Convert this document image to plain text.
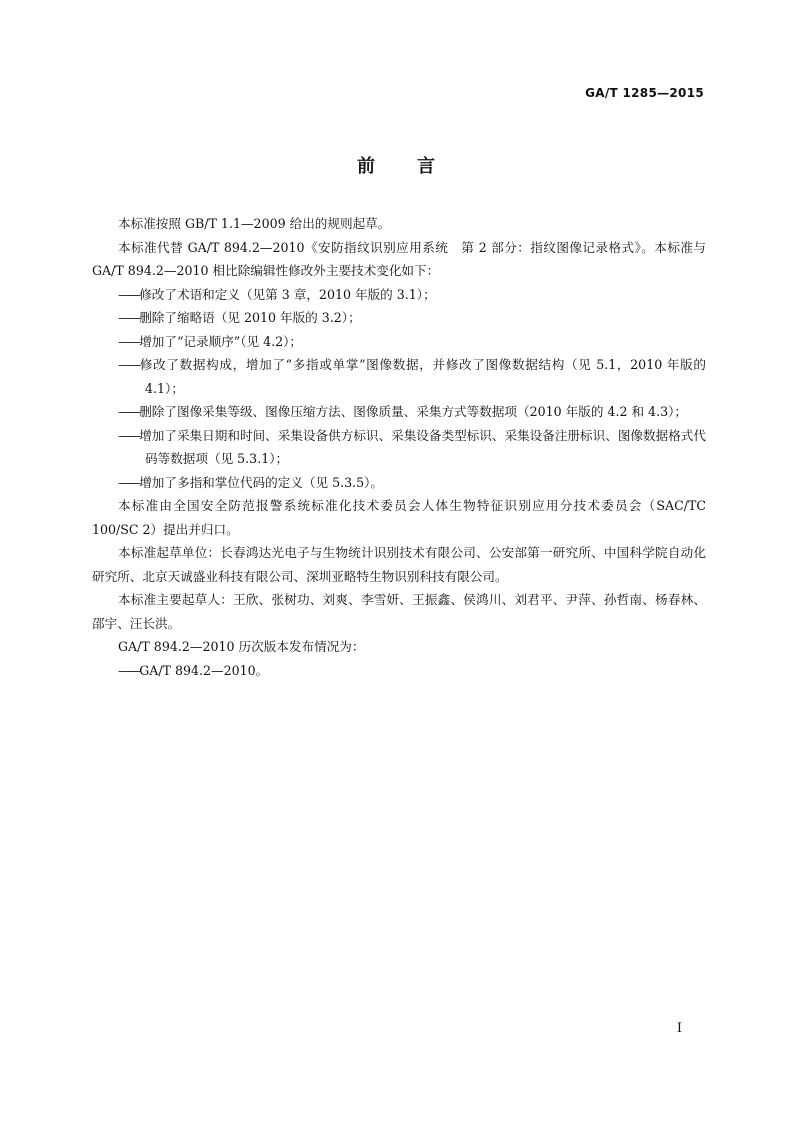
GA/T 1285—2015
前 言

本标准按照 GB/T 1.1—2009 给出的规则起草。

本标准代替 GA/T 894.2—2010《安防指纹识别应用系统　第 2 部分：指纹图像记录格式》。本标准与 GA/T 894.2—2010 相比除编辑性修改外主要技术变化如下：

——修改了术语和定义（见第 3 章，2010 年版的 3.1）；

——删除了缩略语（见 2010 年版的 3.2）；

——增加了“记录顺序”（见 4.2）；

——修改了数据构成，增加了“多指或单掌”图像数据，并修改了图像数据结构（见 5.1，2010 年版的 4.1）；

——删除了图像采集等级、图像压缩方法、图像质量、采集方式等数据项（2010 年版的 4.2 和 4.3）；

——增加了采集日期和时间、采集设备供方标识、采集设备类型标识、采集设备注册标识、图像数据格式代码等数据项（见 5.3.1）；

——增加了多指和掌位代码的定义（见 5.3.5）。

本标准由全国安全防范报警系统标准化技术委员会人体生物特征识别应用分技术委员会（SAC/TC 100/SC 2）提出并归口。

本标准起草单位：长春鸿达光电子与生物统计识别技术有限公司、公安部第一研究所、中国科学院自动化研究所、北京天诚盛业科技有限公司、深圳亚略特生物识别科技有限公司。

本标准主要起草人：王欣、张树功、刘爽、李雪妍、王振鑫、侯鸿川、刘君平、尹萍、孙哲南、杨春林、邵宇、汪长洪。

GA/T 894.2—2010 历次版本发布情况为：

——GA/T 894.2—2010。

I
